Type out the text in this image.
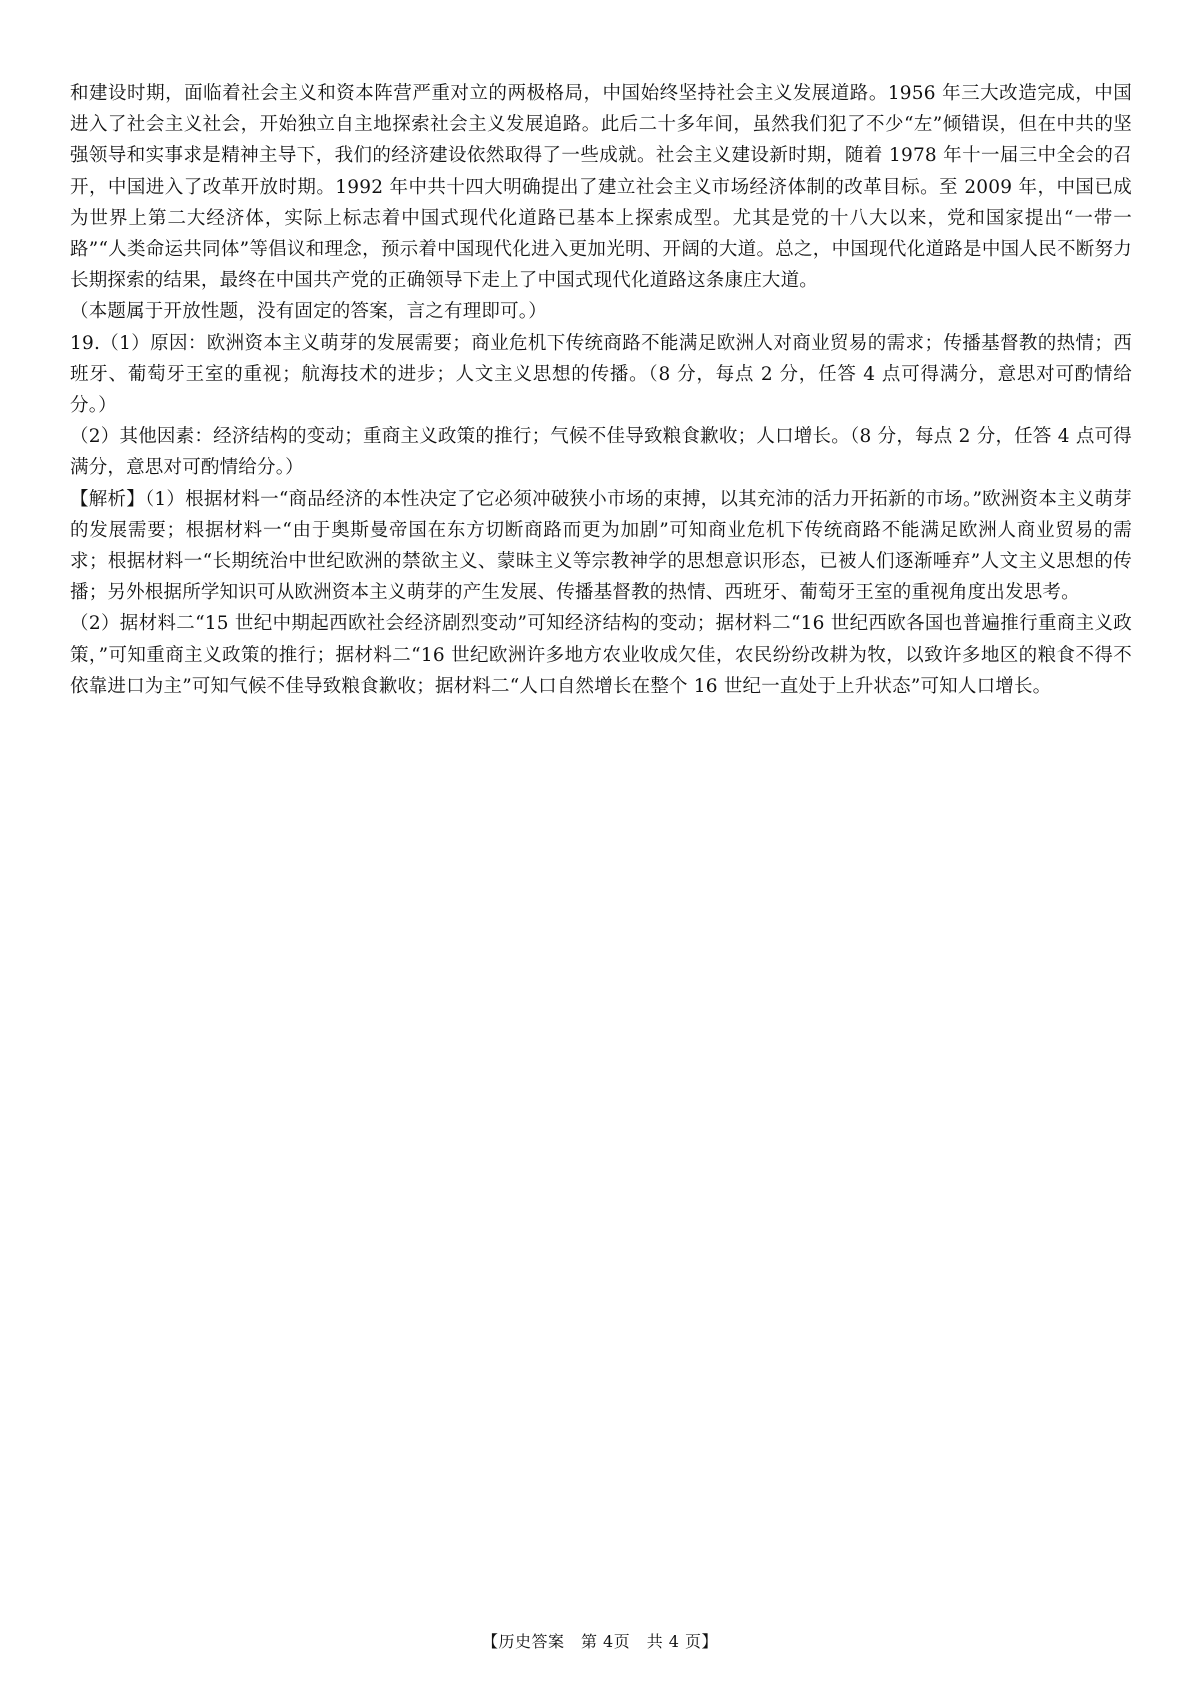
和建设时期，面临着社会主义和资本阵营严重对立的两极格局，中国始终坚持社会主义发展道路。1956 年三大改造完成，中国进入了社会主义社会，开始独立自主地探索社会主义发展追路。此后二十多年间，虽然我们犯了不少“左”倾错误，但在中共的坚强领导和实事求是精神主导下，我们的经济建设依然取得了一些成就。社会主义建设新时期，随着 1978 年十一届三中全会的召开，中国进入了改革开放时期。1992 年中共十四大明确提出了建立社会主义市场经济体制的改革目标。至 2009 年，中国已成为世界上第二大经济体，实际上标志着中国式现代化道路已基本上探索成型。尤其是党的十八大以来，党和国家提出“一带一路”“人类命运共同体”等倡议和理念，预示着中国现代化进入更加光明、开阔的大道。总之，中国现代化道路是中国人民不断努力长期探索的结果，最终在中国共产党的正确领导下走上了中国式现代化道路这条康庄大道。

（本题属于开放性题，没有固定的答案，言之有理即可。）

19.（1）原因：欧洲资本主义萌芽的发展需要；商业危机下传统商路不能满足欧洲人对商业贸易的需求；传播基督教的热情；西班牙、葡萄牙王室的重视；航海技术的进步；人文主义思想的传播。（8 分，每点 2 分，任答 4 点可得满分，意思对可酌情给分。）

（2）其他因素：经济结构的变动；重商主义政策的推行；气候不佳导致粮食歉收；人口增长。（8 分，每点 2 分，任答 4 点可得满分，意思对可酌情给分。）

【解析】（1）根据材料一“商品经济的本性决定了它必须冲破狭小市场的束搏，以其充沛的活力开拓新的市场。”欧洲资本主义萌芽的发展需要；根据材料一“由于奥斯曼帝国在东方切断商路而更为加剧”可知商业危机下传统商路不能满足欧洲人商业贸易的需求；根据材料一“长期统治中世纪欧洲的禁欲主义、蒙昧主义等宗教神学的思想意识形态，已被人们逐渐唾弃”人文主义思想的传播；另外根据所学知识可从欧洲资本主义萌芽的产生发展、传播基督教的热情、西班牙、葡萄牙王室的重视角度出发思考。

（2）据材料二“15 世纪中期起西欧社会经济剧烈变动”可知经济结构的变动；据材料二“16 世纪西欧各国也普遍推行重商主义政策，”可知重商主义政策的推行；据材料二“16 世纪欧洲许多地方农业收成欠佳，农民纷纷改耕为牧，以致许多地区的粮食不得不依靠进口为主”可知气候不佳导致粮食歉收；据材料二“人口自然增长在整个 16 世纪一直处于上升状态”可知人口增长。

【历史答案　第 4页　共 4 页】
